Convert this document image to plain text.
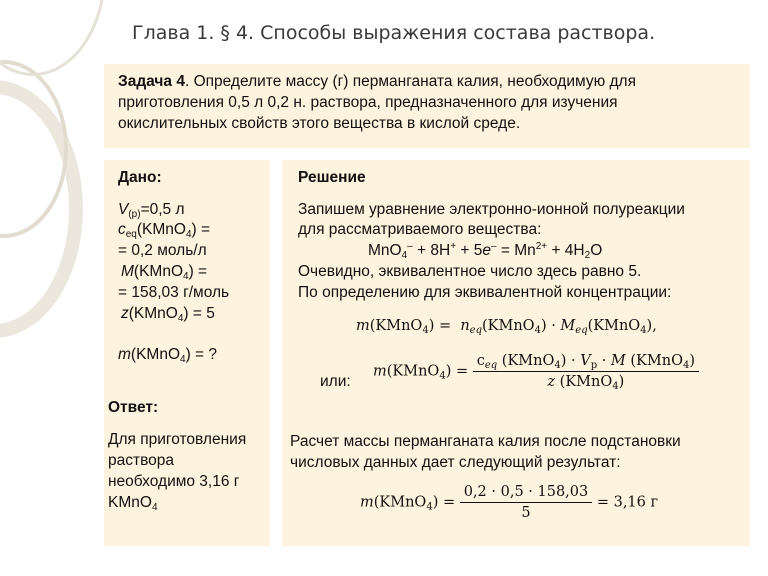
Глава 1. § 4. Способы выражения состава раствора.
Задача 4. Определите массу (г) перманганата калия, необходимую для
приготовления 0,5 л 0,2 н. раствора, предназначенного для изучения
окислительных свойств этого вещества в кислой среде.
Дано:
$V_{(р)}=0,5$ л
$c_{eq}(KMnO_4)$ =
= 0,2 моль/л
M(KMnO$_4$) =
= 158,03 г/моль
z(KMnO$_4$) = 5
m(KMnO$_4$) = ?
Ответ:
Для приготовления
раствора
необходимо 3,16 г
KMnO$_4$
Решение
Запишем уравнение электронно-ионной полуреакции
для рассматриваемого вещества:
$MnO_4^- + 8H^+ + 5e^- = Mn^{2+} + 4H_2O$
Очевидно, эквивалентное число здесь равно 5.
По определению для эквивалентной концентрации:
m(KMnO$_4$) =  $n_{eq}(KMnO_4)$ · $M_{eq}(KMnO_4)$,
или:
m(KMnO$_4$) = $\frac{c_{eq} (KMnO_4) \cdot V_р \cdot M (KMnO_4)}{z (KMnO_4)}$
Расчет массы перманганата калия после подстановки
числовых данных дает следующий результат:
m(KMnO$_4$) = $\frac{0,2 \cdot 0,5 \cdot 158,03}{5} = 3,16$ г
